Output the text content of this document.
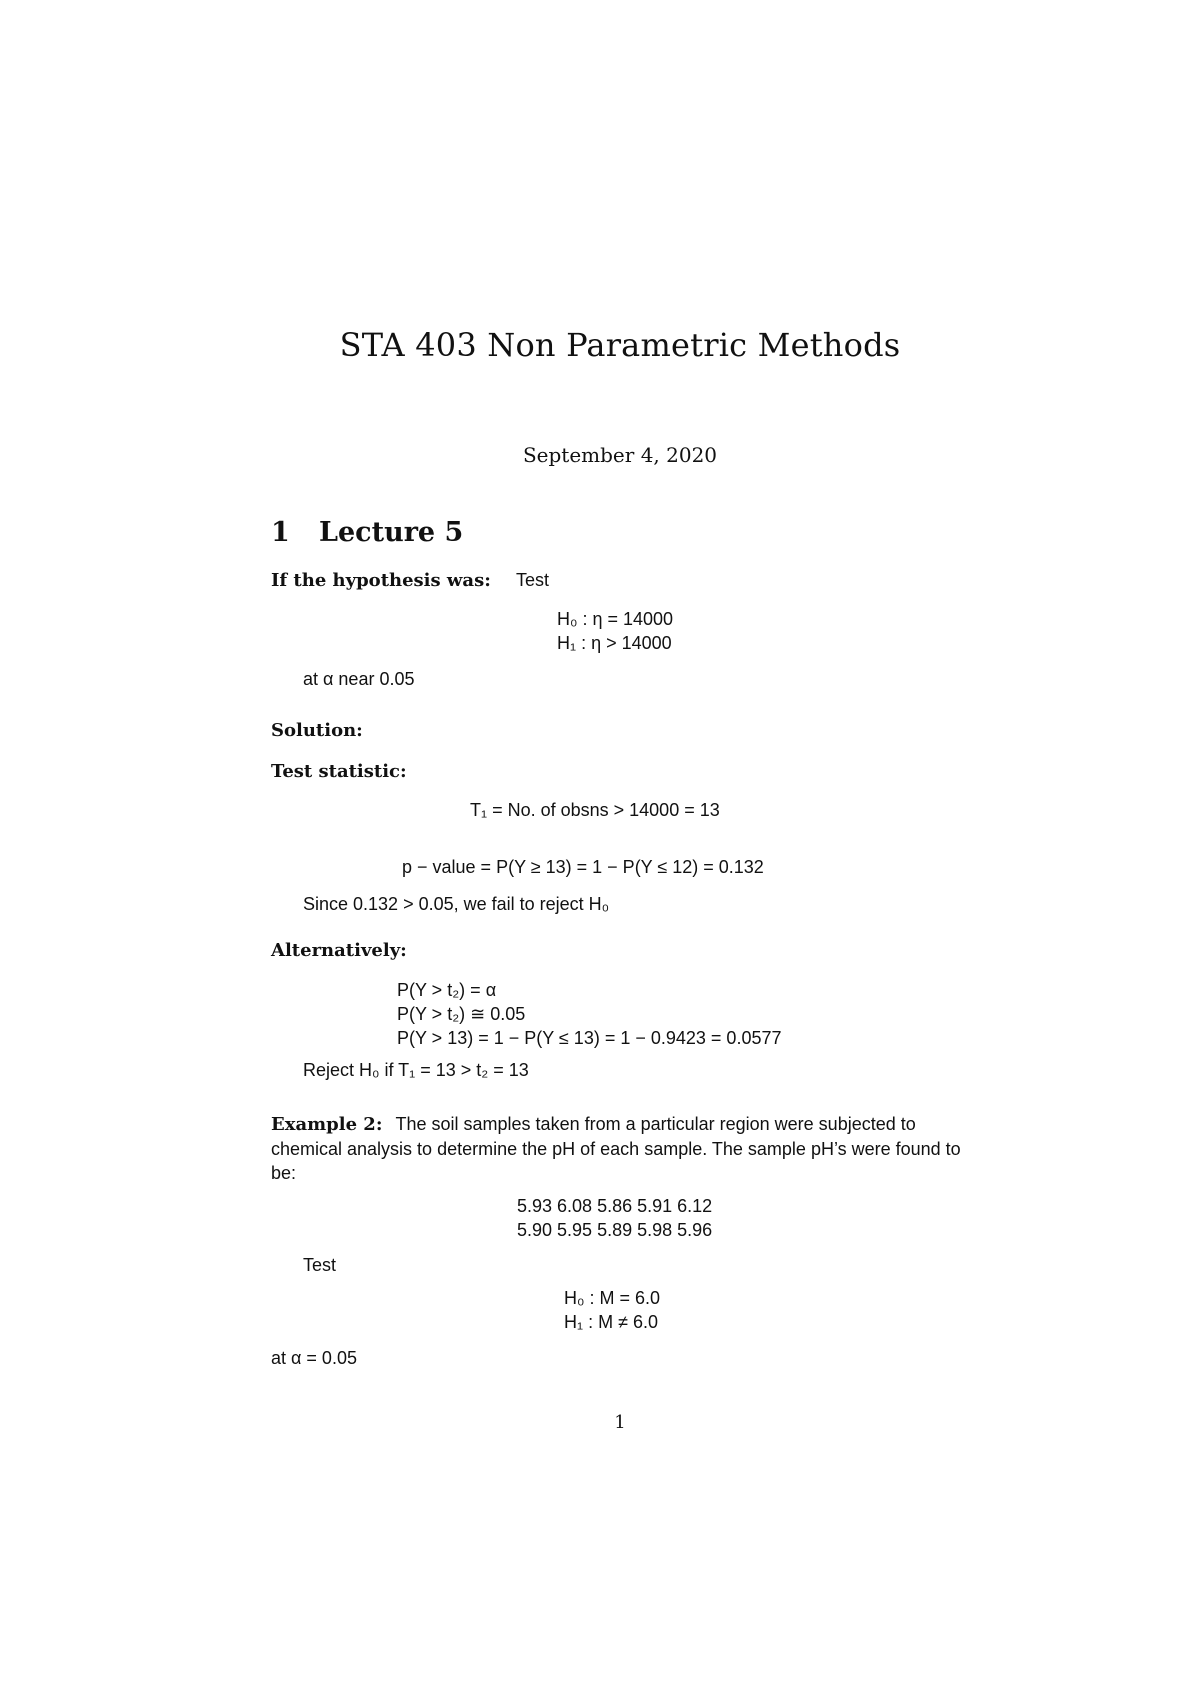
STA 403 Non Parametric Methods
September 4, 2020
1 Lecture 5
If the hypothesis was: Test
H₀ : η = 14000
H₁ : η > 14000
at α near 0.05
Solution:
Test statistic:
T₁ = No. of obsns > 14000 = 13
p − value = P(Y ≥ 13) = 1 − P(Y ≤ 12) = 0.132
Since 0.132 > 0.05, we fail to reject H₀
Alternatively:
P(Y > t₂) = α
P(Y > t₂) ≅ 0.05
P(Y > 13) = 1 − P(Y ≤ 13) = 1 − 0.9423 = 0.0577
Reject H₀ if T₁ = 13 > t₂ = 13
Example 2: The soil samples taken from a particular region were subjected to chemical analysis to determine the pH of each sample. The sample pH’s were found to be:
5.93 6.08 5.86 5.91 6.12
5.90 5.95 5.89 5.98 5.96
Test
H₀ : M = 6.0
H₁ : M ≠ 6.0
at α = 0.05
1
